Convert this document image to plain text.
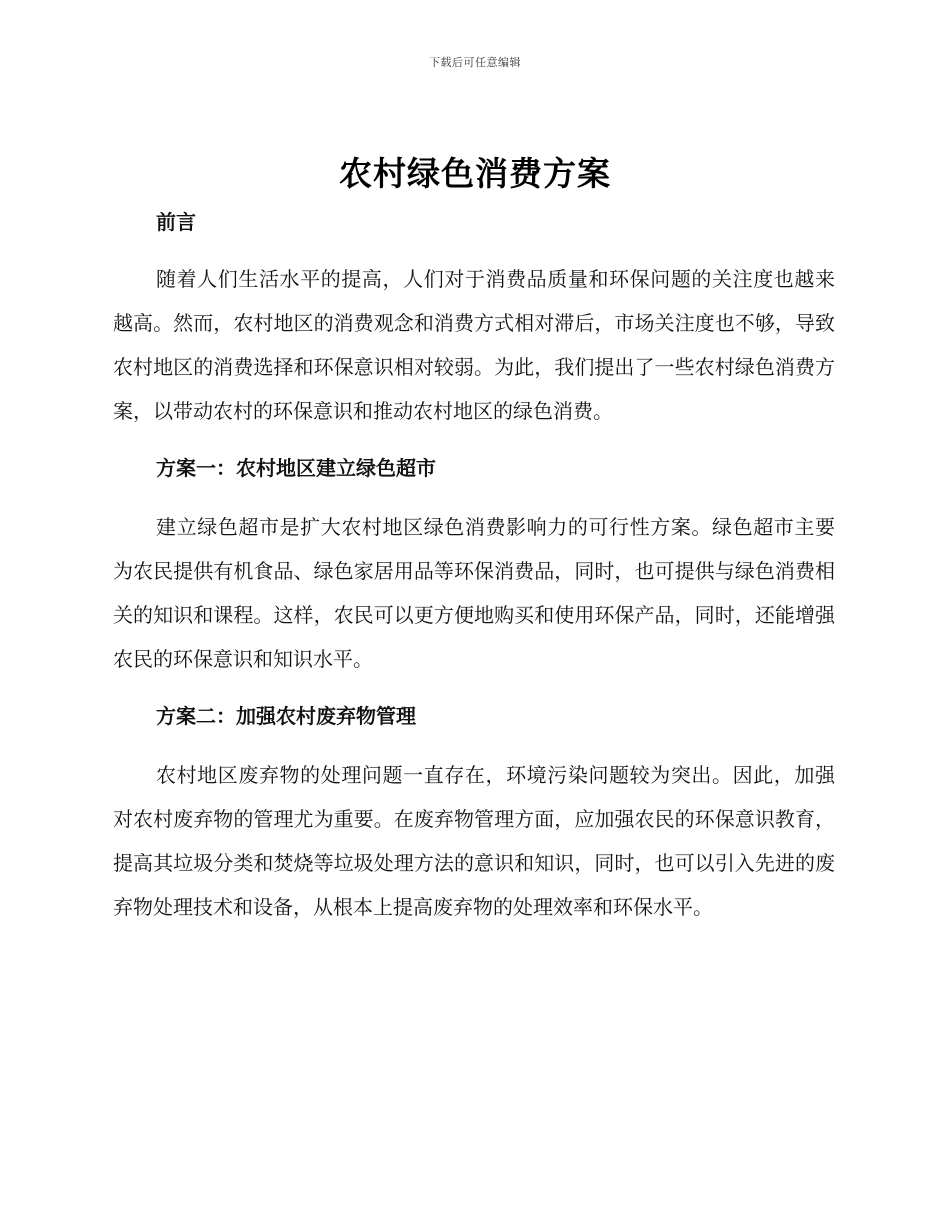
下载后可任意编辑
农村绿色消费方案

前言

随着人们生活水平的提高，人们对于消费品质量和环保问题的关注度也越来越高。然而，农村地区的消费观念和消费方式相对滞后，市场关注度也不够，导致农村地区的消费选择和环保意识相对较弱。为此，我们提出了一些农村绿色消费方案，以带动农村的环保意识和推动农村地区的绿色消费。

方案一：农村地区建立绿色超市

建立绿色超市是扩大农村地区绿色消费影响力的可行性方案。绿色超市主要为农民提供有机食品、绿色家居用品等环保消费品，同时，也可提供与绿色消费相关的知识和课程。这样，农民可以更方便地购买和使用环保产品，同时，还能增强农民的环保意识和知识水平。

方案二：加强农村废弃物管理

农村地区废弃物的处理问题一直存在，环境污染问题较为突出。因此，加强对农村废弃物的管理尤为重要。在废弃物管理方面，应加强农民的环保意识教育，提高其垃圾分类和焚烧等垃圾处理方法的意识和知识，同时，也可以引入先进的废弃物处理技术和设备，从根本上提高废弃物的处理效率和环保水平。
